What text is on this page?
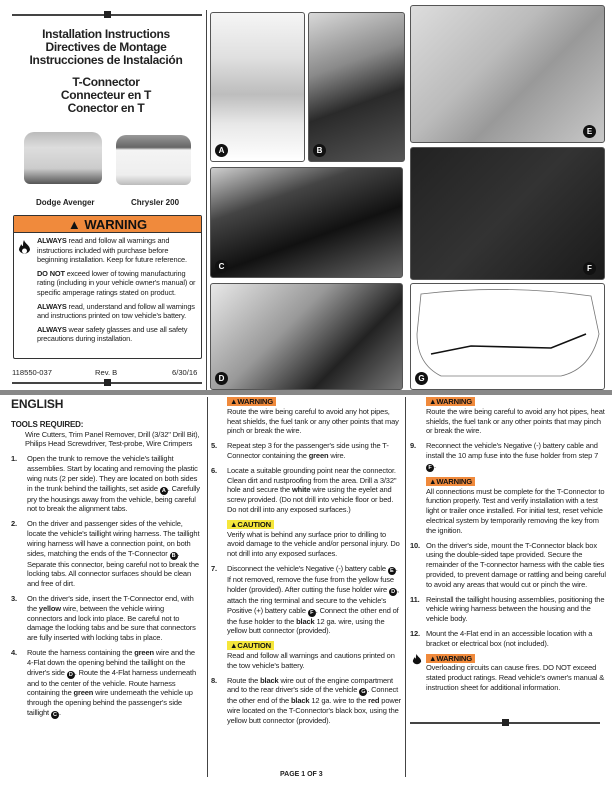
Installation Instructions
Directives de Montage
Instrucciones de Instalación
T-Connector
Connecteur en T
Conector en T
Dodge Avenger	Chrysler 200
▲ WARNING

ALWAYS read and follow all warnings and instructions included with purchase before beginning installation. Keep for future reference.

DO NOT exceed lower of towing manufacturing rating (including in your vehicle owner's manual) or specific amperage ratings stated on product.

ALWAYS read, understand and follow all warnings and instructions printed on tow vehicle's battery.

ALWAYS wear safety glasses and use all safety precautions during installation.

118550-037	Rev. B	6/30/16
A	B
E
C	F
D	G
ENGLISH
TOOLS REQUIRED:

Wire Cutters, Trim Panel Remover, Drill (3/32" Drill Bit), Philips Head Screwdriver, Test-probe, Wire Crimpers

1. Open the trunk to remove the vehicle's taillight assemblies. Start by locating and removing the plastic wing nuts (2 per side). They are located on both sides in the trunk behind the taillights, set aside A . Carefully pry the housings away from the vehicle, being careful not to break the alignment tabs.
2. On the driver and passenger sides of the vehicle, locate the vehicle's taillight wiring harness. The taillight wiring harness will have a connection point, on both sides, matching the ends of the T-Connector B . Separate this connector, being careful not to break the locking tabs. All connector surfaces should be clean and free of dirt.
3. On the driver's side, insert the T-Connector end, with the yellow wire, between the vehicle wiring connectors and lock into place. Be careful not to damage the locking tabs and be sure that connectors are fully inserted with locking tabs in place.
4. Route the harness containing the green wire and the 4-Flat down the opening behind the taillight on the driver's side D . Route the 4-Flat harness underneath and to the center of the vehicle. Route harness containing the green wire underneath the vehicle up through the opening behind the passenger's side taillight C .
▲WARNING
Route the wire being careful to avoid any hot pipes, heat shields, the fuel tank or any other points that may pinch or break the wire.
5. Repeat step 3 for the passenger's side using the T-Connector containing the green wire.
6. Locate a suitable grounding point near the connector. Clean dirt and rustproofing from the area. Drill a 3/32" hole and secure the white wire using the eyelet and screw provided. (Do not drill into vehicle floor or bed. Do not drill into any exposed surfaces.)
▲CAUTION
Verify what is behind any surface prior to drilling to avoid damage to the vehicle and/or personal injury. Do not drill into any exposed surfaces.
7. Disconnect the vehicle's Negative (-) battery cable E . If not removed, remove the fuse from the yellow fuse holder (provided). After cutting the fuse holder wire D , attach the ring terminal and secure to the vehicle's Positive (+) battery cable F . Connect the other end of the fuse holder to the black 12 ga. wire, using the yellow butt connector (provided).
▲CAUTION
Read and follow all warnings and cautions printed on the tow vehicle's battery.
8. Route the black wire out of the engine compartment and to the rear driver's side of the vehicle G . Connect the other end of the black 12 ga. wire to the red power wire located on the T-Connector's black box, using the yellow butt connector (provided).
PAGE 1 OF 3
▲WARNING
Route the wire being careful to avoid any hot pipes, heat shields, the fuel tank or any other points that may pinch or break the wire.
9. Reconnect the vehicle's Negative (-) battery cable and install the 10 amp fuse into the fuse holder from step 7 F .
▲WARNING
All connections must be complete for the T-Connector to function properly. Test and verify installation with a test light or trailer once installed. For initial test, reset vehicle electrical system by temporarily removing the key from the ignition.
10. On the driver's side, mount the T-Connector black box using the double-sided tape provided. Secure the remainder of the T-connector harness with the cable ties provided, to prevent damage or rattling and being careful to avoid any areas that would cut or pinch the wire.
11. Reinstall the taillight housing assemblies, positioning the vehicle wiring harness between the housing and the vehicle body.
12. Mount the 4-Flat end in an accessible location with a bracket or electrical box (not included).
▲WARNING
Overloading circuits can cause fires. DO NOT exceed stated product ratings. Read vehicle's owner's manual & instruction sheet for additional information.
